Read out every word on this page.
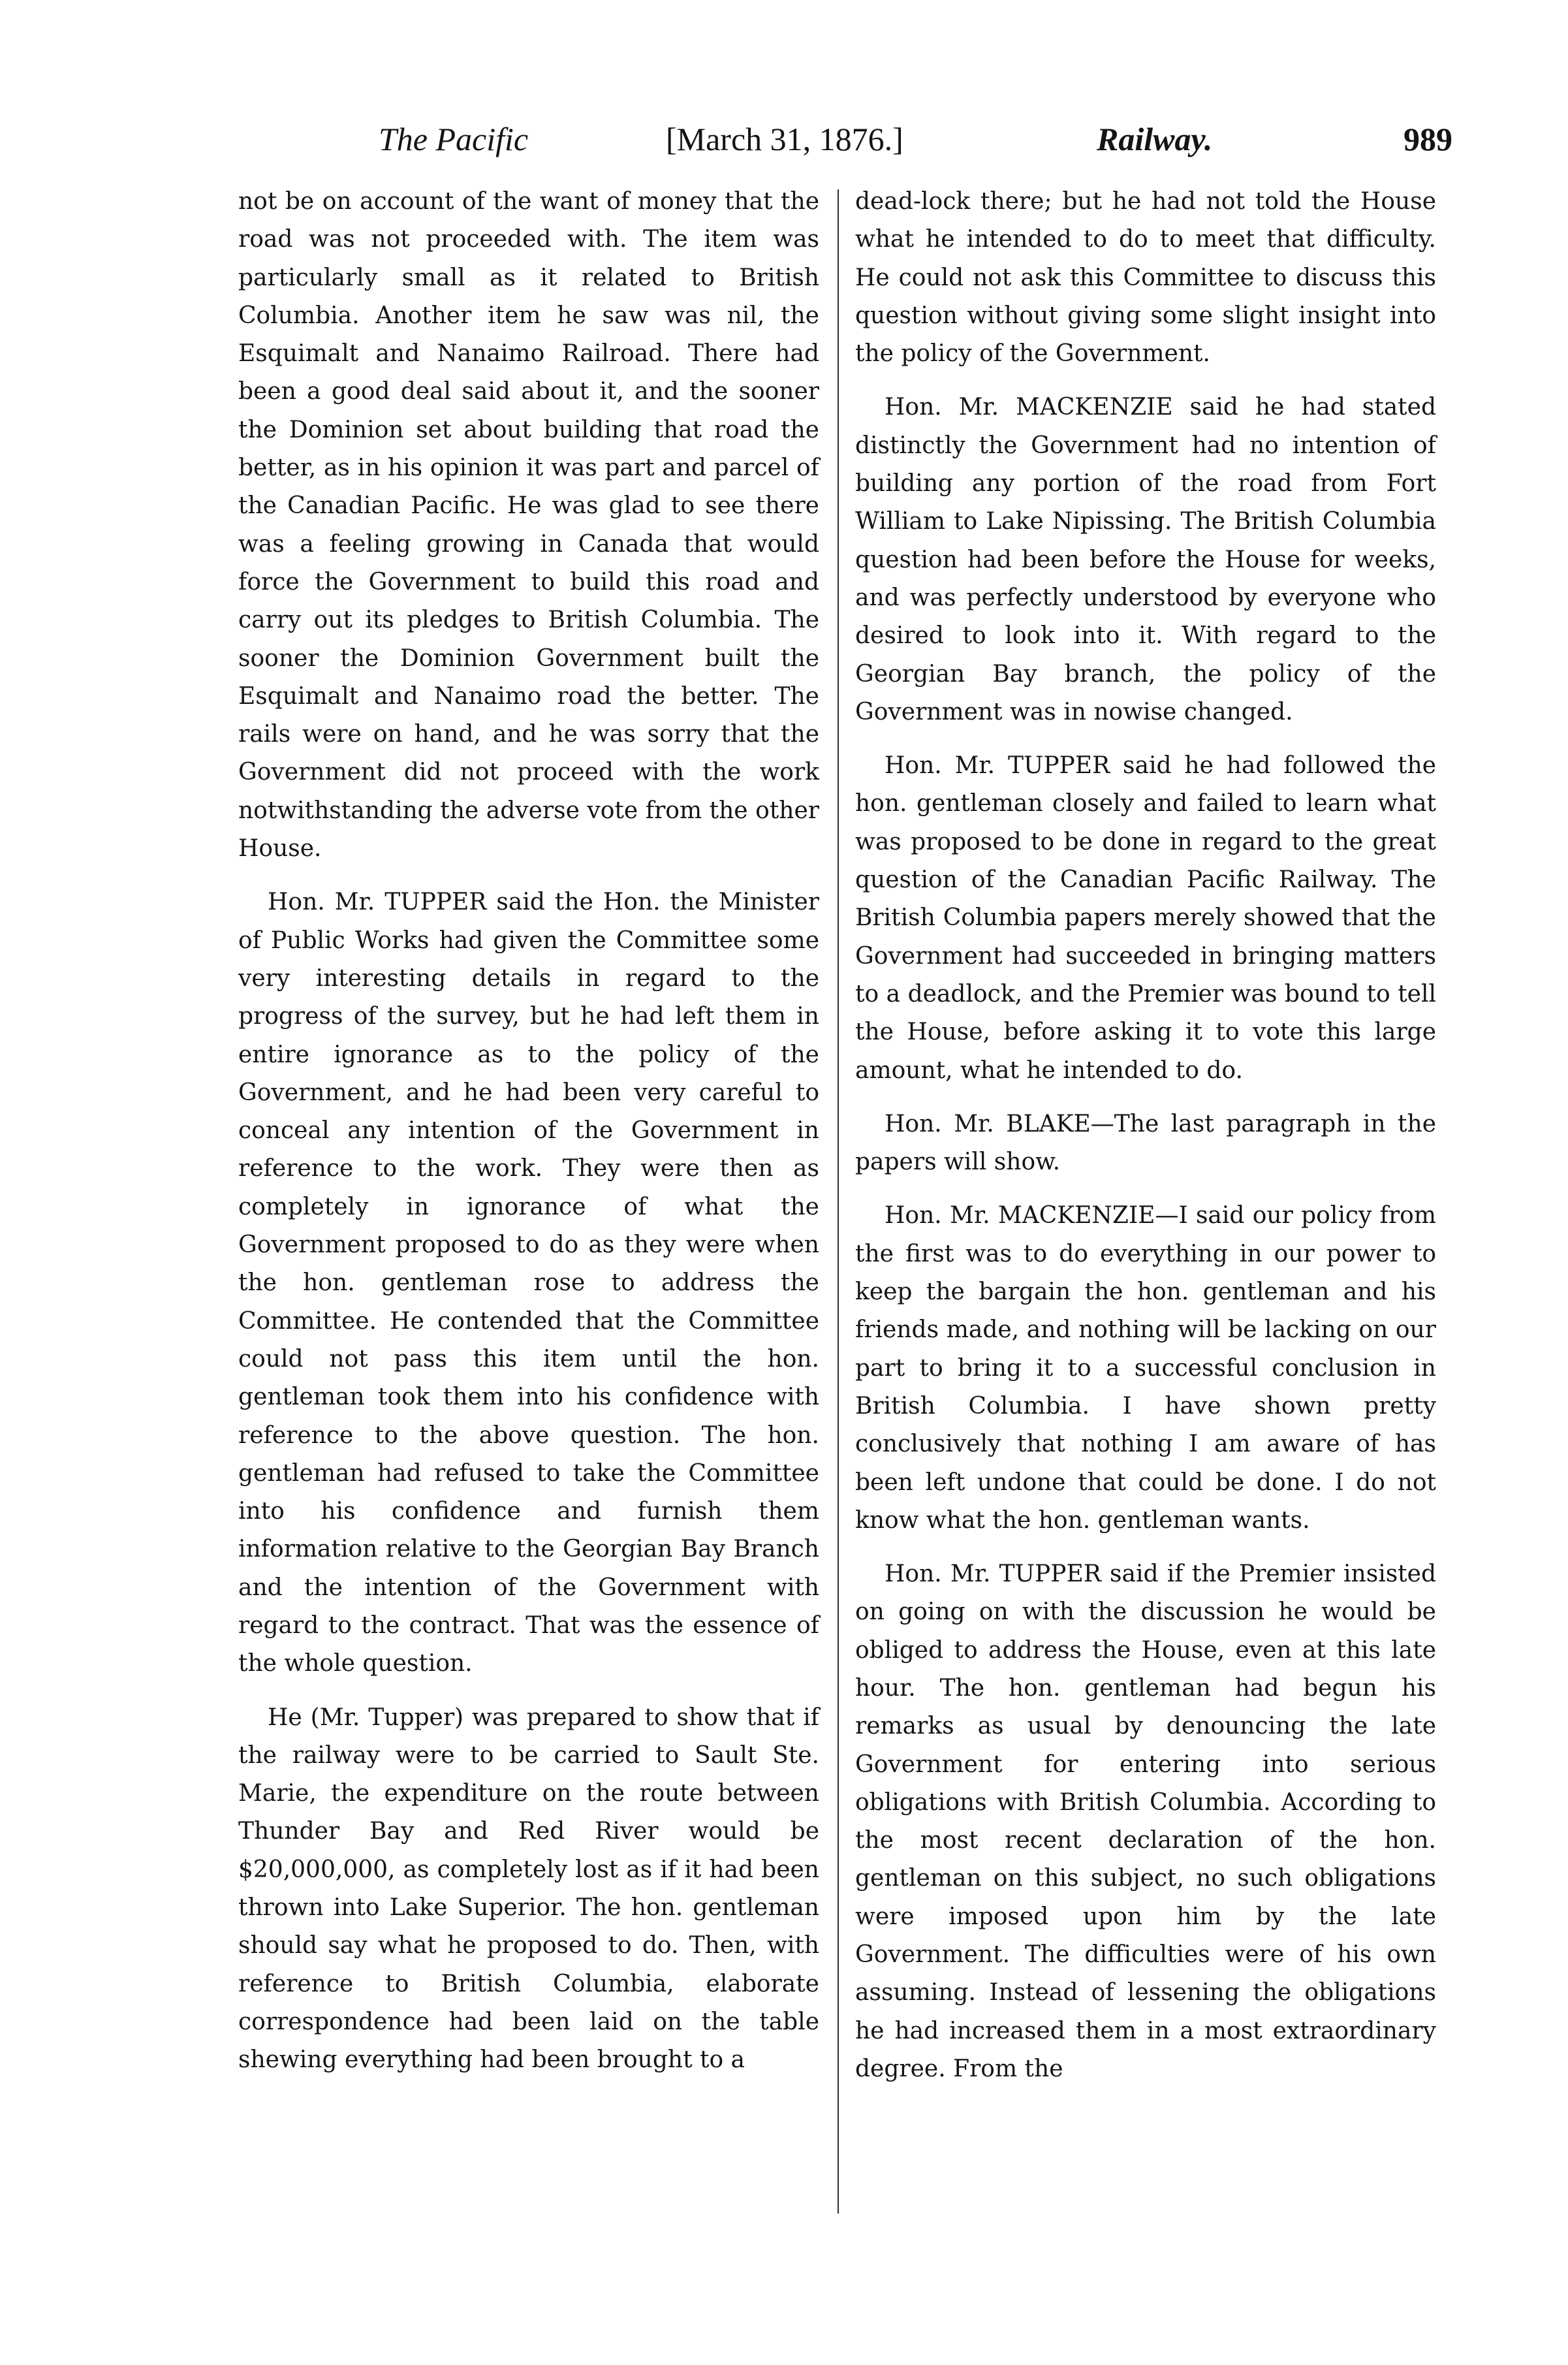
The Pacific	[March 31, 1876.]	Railway.	989

not be on account of the want of money that the road was not proceeded with. The item was particularly small as it related to British Columbia. Another item he saw was nil, the Esquimalt and Nanaimo Railroad. There had been a good deal said about it, and the sooner the Dominion set about building that road the better, as in his opinion it was part and parcel of the Canadian Pacific. He was glad to see there was a feeling growing in Canada that would force the Government to build this road and carry out its pledges to British Columbia. The sooner the Dominion Government built the Esquimalt and Nanaimo road the better. The rails were on hand, and he was sorry that the Government did not proceed with the work notwithstanding the adverse vote from the other House.

Hon. Mr. TUPPER said the Hon. the Minister of Public Works had given the Committee some very interesting details in regard to the progress of the survey, but he had left them in entire ignorance as to the policy of the Government, and he had been very careful to conceal any intention of the Government in reference to the work. They were then as completely in ignorance of what the Government proposed to do as they were when the hon. gentleman rose to address the Committee. He contended that the Committee could not pass this item until the hon. gentleman took them into his confidence with reference to the above question. The hon. gentleman had refused to take the Committee into his confidence and furnish them information relative to the Georgian Bay Branch and the intention of the Government with regard to the contract. That was the essence of the whole question.

He (Mr. Tupper) was prepared to show that if the railway were to be carried to Sault Ste. Marie, the expenditure on the route between Thunder Bay and Red River would be $20,000,000, as completely lost as if it had been thrown into Lake Superior. The hon. gentleman should say what he proposed to do. Then, with reference to British Columbia, elaborate correspondence had been laid on the table shewing everything had been brought to a

dead-lock there; but he had not told the House what he intended to do to meet that difficulty. He could not ask this Committee to discuss this question without giving some slight insight into the policy of the Government.

Hon. Mr. MACKENZIE said he had stated distinctly the Government had no intention of building any portion of the road from Fort William to Lake Nipissing. The British Columbia question had been before the House for weeks, and was perfectly understood by everyone who desired to look into it. With regard to the Georgian Bay branch, the policy of the Government was in nowise changed.

Hon. Mr. TUPPER said he had followed the hon. gentleman closely and failed to learn what was proposed to be done in regard to the great question of the Canadian Pacific Railway. The British Columbia papers merely showed that the Government had succeeded in bringing matters to a deadlock, and the Premier was bound to tell the House, before asking it to vote this large amount, what he intended to do.

Hon. Mr. BLAKE—The last paragraph in the papers will show.

Hon. Mr. MACKENZIE—I said our policy from the first was to do everything in our power to keep the bargain the hon. gentleman and his friends made, and nothing will be lacking on our part to bring it to a successful conclusion in British Columbia. I have shown pretty conclusively that nothing I am aware of has been left undone that could be done. I do not know what the hon. gentleman wants.

Hon. Mr. TUPPER said if the Premier insisted on going on with the discussion he would be obliged to address the House, even at this late hour. The hon. gentleman had begun his remarks as usual by denouncing the late Government for entering into serious obligations with British Columbia. According to the most recent declaration of the hon. gentleman on this subject, no such obligations were imposed upon him by the late Government. The difficulties were of his own assuming. Instead of lessening the obligations he had increased them in a most extraordinary degree. From the
